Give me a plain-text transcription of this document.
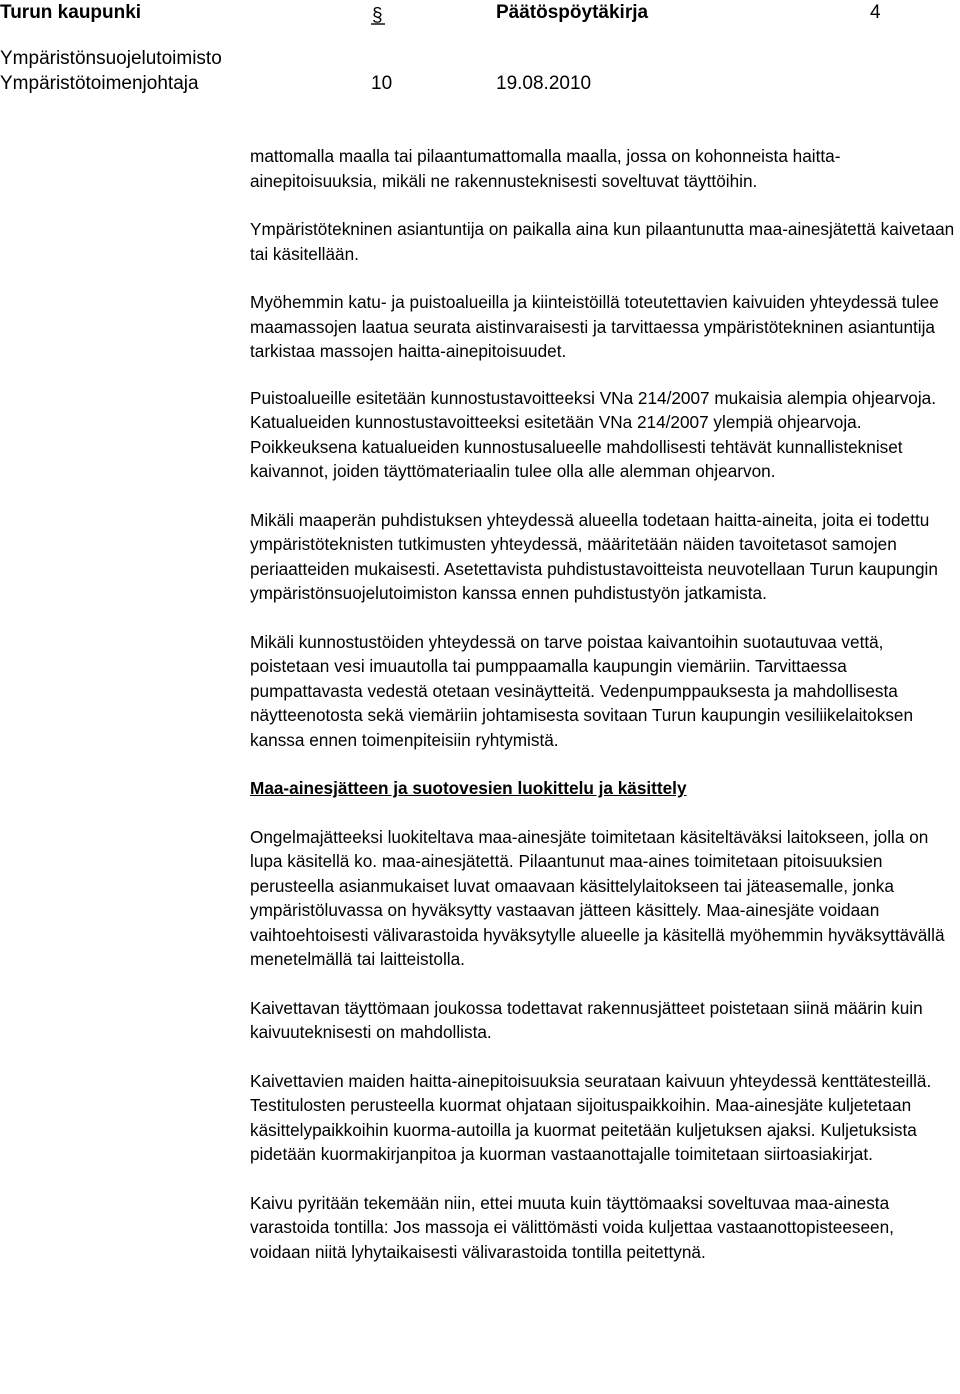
Turun kaupunki	§	Päätöspöytäkirja	4
Ympäristönsuojelutoimisto
Ympäristötoimenjohtaja	10	19.08.2010

mattomalla maalla tai pilaantumattomalla maalla, jossa on kohonneista haitta-ainepitoisuuksia, mikäli ne rakennusteknisesti soveltuvat täyttöihin.

Ympäristötekninen asiantuntija on paikalla aina kun pilaantunutta maa-ainesjätettä kaivetaan tai käsitellään.

Myöhemmin katu- ja puistoalueilla ja kiinteistöillä toteutettavien kaivuiden yhteydessä tulee maamassojen laatua seurata aistinvaraisesti ja tarvittaessa ympäristötekninen asiantuntija tarkistaa massojen haitta-ainepitoisuudet.

Puistoalueille esitetään kunnostustavoitteeksi VNa 214/2007 mukaisia alempia ohjearvoja. Katualueiden kunnostustavoitteeksi esitetään VNa 214/2007 ylempiä ohjearvoja. Poikkeuksena katualueiden kunnostusalueelle mahdollisesti tehtävät kunnallistekniset kaivannot, joiden täyttömateriaalin tulee olla alle alemman ohjearvon.

Mikäli maaperän puhdistuksen yhteydessä alueella todetaan haitta-aineita, joita ei todettu ympäristöteknisten tutkimusten yhteydessä, määritetään näiden tavoitetasot samojen periaatteiden mukaisesti. Asetettavista puhdistustavoitteista neuvotellaan Turun kaupungin ympäristönsuojelutoimiston kanssa ennen puhdistustyön jatkamista.

Mikäli kunnostustöiden yhteydessä on tarve poistaa kaivantoihin suotautuvaa vettä, poistetaan vesi imuautolla tai pumppaamalla kaupungin viemäriin. Tarvittaessa pumpattavasta vedestä otetaan vesinäytteitä. Vedenpumppauksesta ja mahdollisesta näytteenotosta sekä viemäriin johtamisesta sovitaan Turun kaupungin vesiliikelaitoksen kanssa ennen toimenpiteisiin ryhtymistä.

Maa-ainesjätteen ja suotovesien luokittelu ja käsittely

Ongelmajätteeksi luokiteltava maa-ainesjäte toimitetaan käsiteltäväksi laitokseen, jolla on lupa käsitellä ko. maa-ainesjätettä. Pilaantunut maa-aines toimitetaan pitoisuuksien perusteella asianmukaiset luvat omaavaan käsittelylaitokseen tai jäteasemalle, jonka ympäristöluvassa on hyväksytty vastaavan jätteen käsittely. Maa-ainesjäte voidaan vaihtoehtoisesti välivarastoida hyväksytylle alueelle ja käsitellä myöhemmin hyväksyttävällä menetelmällä tai laitteistolla.

Kaivettavan täyttömaan joukossa todettavat rakennusjätteet poistetaan siinä määrin kuin kaivuuteknisesti on mahdollista.

Kaivettavien maiden haitta-ainepitoisuuksia seurataan kaivuun yhteydessä kenttätesteillä. Testitulosten perusteella kuormat ohjataan sijoituspaikkoihin. Maa-ainesjäte kuljetetaan käsittelypaikkoihin kuorma-autoilla ja kuormat peitetään kuljetuksen ajaksi. Kuljetuksista pidetään kuormakirjanpitoa ja kuorman vastaanottajalle toimitetaan siirtoasiakirjat.

Kaivu pyritään tekemään niin, ettei muuta kuin täyttömaaksi soveltuvaa maa-ainesta varastoida tontilla: Jos massoja ei välittömästi voida kuljettaa vastaanottopisteeseen, voidaan niitä lyhytaikaisesti välivarastoida tontilla peitettynä.
